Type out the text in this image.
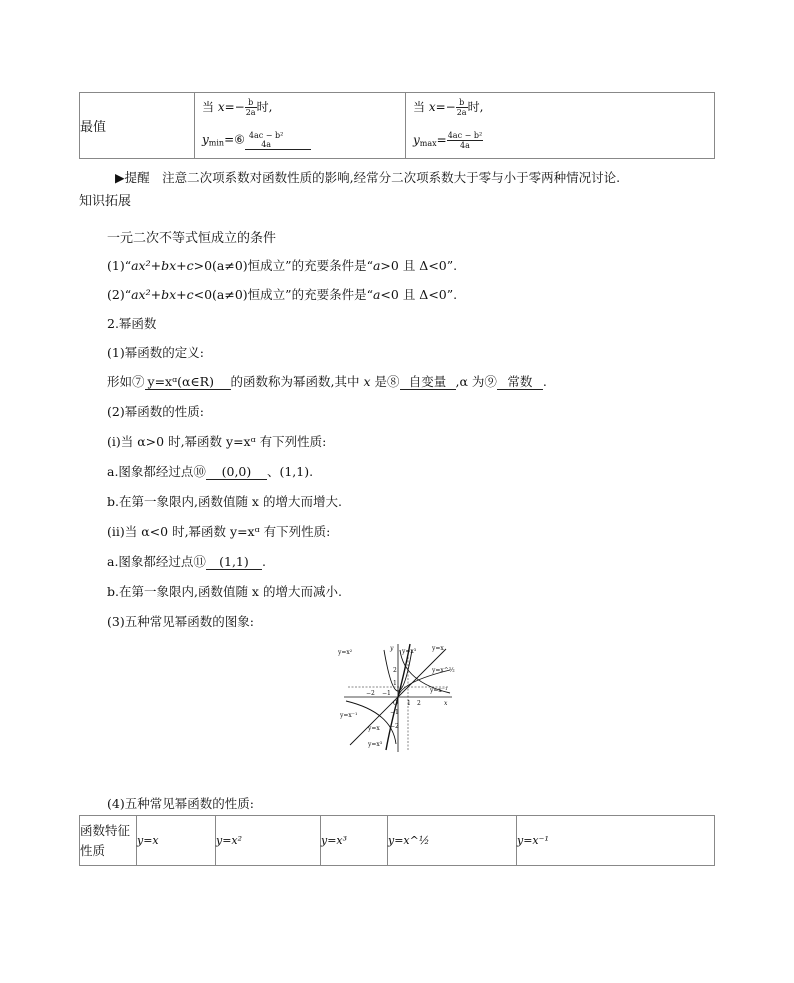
最值	
当 $x=- \frac{b}{2a}$ 时,
$y_{min}=⑥$ 4ac − b²
4a

当 $x=- \frac{b}{2a}$ 时,
$y_{max}= \frac{\text{4ac − b²}}{4a}$
▶提醒　注意二次项系数对函数性质的影响,经常分二次项系数大于零与小于零两种情况讨论.
知识拓展
一元二次不等式恒成立的条件
(1)“ax²+bx+c>0(a≠0)恒成立”的充要条件是“a>0 且 Δ<0”.
(2)“ax²+bx+c<0(a≠0)恒成立”的充要条件是“a<0 且 Δ<0”.
2.幂函数
(1)幂函数的定义:
形如⑦ y=xᵅ(α∈R) 的函数称为幂函数,其中 x 是⑧ 自变量 ,α 为⑨ 常数 .
(2)幂函数的性质:
(i)当 α>0 时,幂函数 y=xᵅ 有下列性质:
a.图象都经过点⑩ (0,0) 、(1,1).
b.在第一象限内,函数值随 x 的增大而增大.
(ii)当 α<0 时,幂函数 y=xᵅ 有下列性质:
a.图象都经过点⑪ (1,1) .
b.在第一象限内,函数值随 x 的增大而减小.
(3)五种常见幂函数的图象:
y=x²	y=x³	y=x
y=x^½
y=x⁻¹
y=x⁻¹
y=x³
y=x
1
2
−2 −1
O 1 2
−1
−2
y
x
(4)五种常见幂函数的性质:
函数特征
性质
	y=x	y=x²	y=x³	y=x^½	y=x⁻¹
